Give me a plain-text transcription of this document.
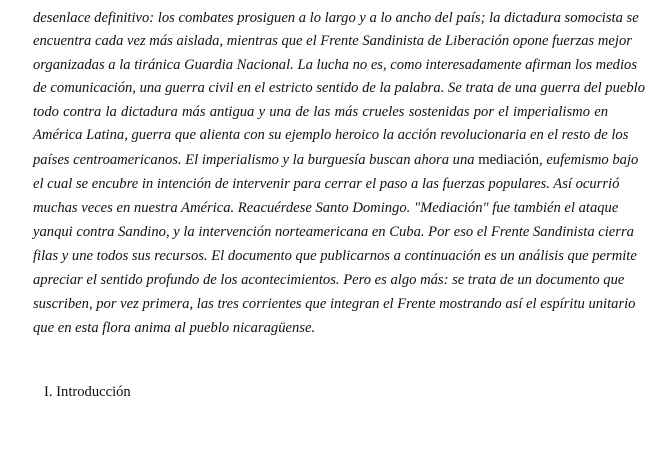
desenlace definitivo: los combates prosiguen a lo largo y a lo ancho del país; la dictadura somocista se
encuentra cada vez más aislada, mientras que el Frente Sandinista de Liberación opone fuerzas mejor
organizadas a la tiránica Guardia Nacional. La lucha no es, como interesadamente afirman los medios
de comunicación, una guerra civil en el estricto sentido de la palabra. Se trata de una guerra del pueblo
todo contra la dictadura más antigua y una de las más crueles sostenidas por el imperialismo en
América Latina, guerra que alienta con su ejemplo heroico la acción revolucionaria en el resto de los
países centroamericanos. El imperialismo y la burguesía buscan ahora una mediación, eufemismo bajo
el cual se encubre in intención de intervenir para cerrar el paso a las fuerzas populares. Así ocurrió
muchas veces en nuestra América. Reacuérdese Santo Domingo. "Mediación" fue también el ataque
yanqui contra Sandino, y la intervención norteamericana en Cuba. Por eso el Frente Sandinista cierra
filas y une todos sus recursos. El documento que publicarnos a continuación es un análisis que permite
apreciar el sentido profundo de los acontecimientos. Pero es algo más: se trata de un documento que
suscriben, por vez primera, las tres corrientes que integran el Frente mostrando así el espíritu unitario
que en esta flora anima al pueblo nicaragüense.
I. Introducción
